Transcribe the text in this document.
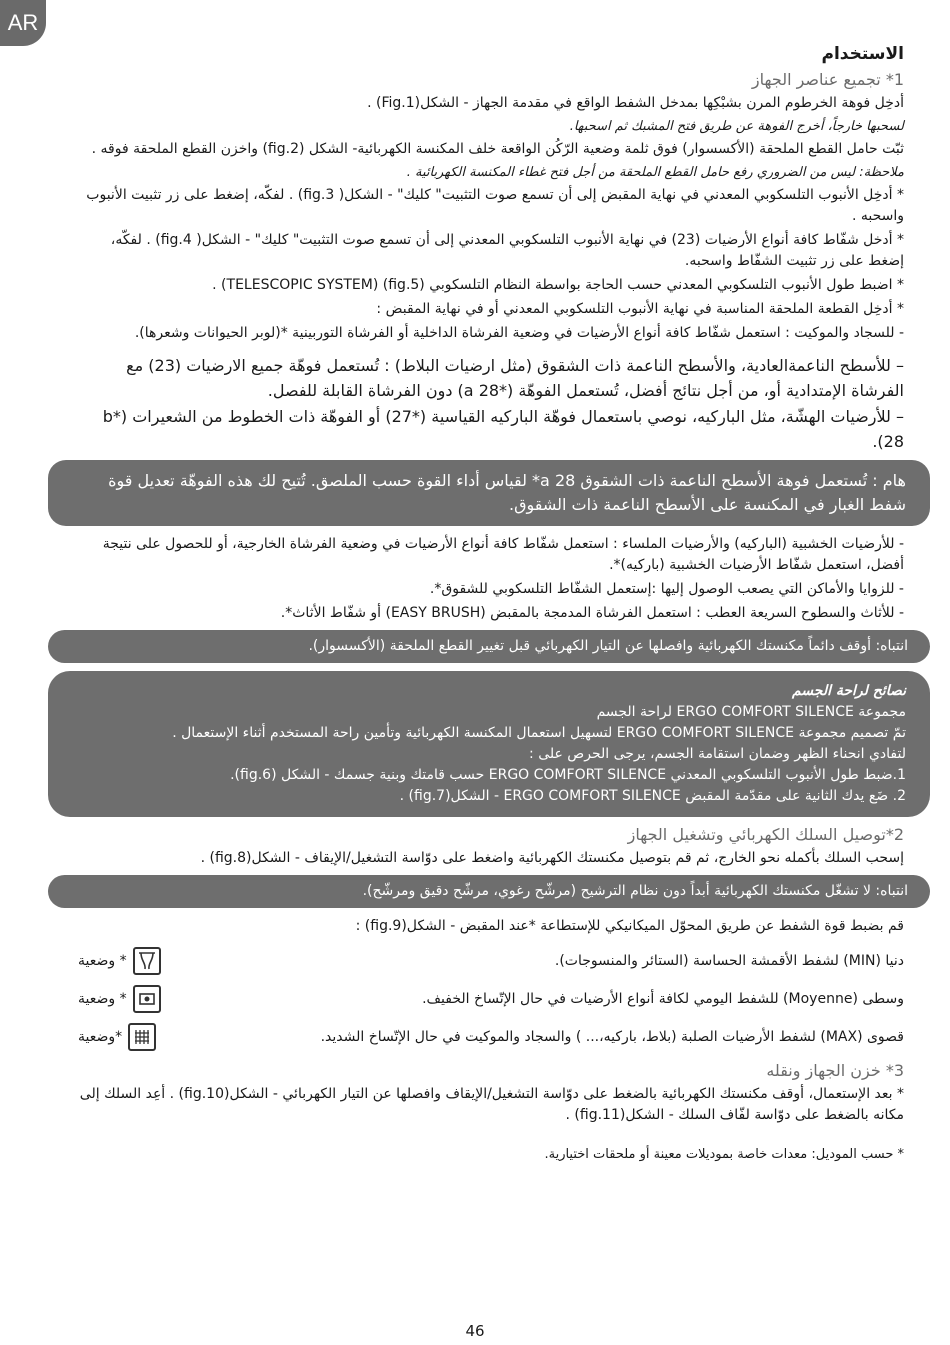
AR
الاستخدام
1* تجميع عناصر الجهاز

أدخِل فوهة الخرطوم المرن بشبْكِها بمدخل الشفط الواقع في مقدمة الجهاز - الشكل(Fig.1) .

لسحبها خارجاً، أخرج الفوهة عن طريق فتح المشبك ثم اسحبها.

ثبّت حامل القطع الملحقة (الأكسسوار) فوق ثلمة وضعية الرّكُن الواقعة خلف المكنسة الكهربائية- الشكل (fig.2) واخزن القطع الملحقة فوقه .

ملاحظة: ليس من الضروري رفع حامل القطع الملحقة من أجل فتح غطاء المكنسة الكهربائية .

* أدخِل الأنبوب التلسكوبي المعدني في نهاية المقبض إلى أن تسمع صوت التثبيت" كليك" - الشكل( fig.3) . لفكّه، إضغط على زر تثبيت الأنبوب واسحبه .

* أدخل شفّاط كافة أنواع الأرضيات (23) في نهاية الأنبوب التلسكوبي المعدني إلى أن تسمع صوت التثبيت" كليك" - الشكل( fig.4) . لفكّه، إضغط على زر تثبيت الشفّاط واسحبه.

* اضبط طول الأنبوب التلسكوبي المعدني حسب الحاجة بواسطة النظام التلسكوبي (fig.5) (TELESCOPIC SYSTEM) .

* أدخِل القطعة الملحقة المناسبة في نهاية الأنبوب التلسكوبي المعدني أو في نهاية المقبض :

- للسجاد والموكيت : استعمل شفّاط كافة أنواع الأرضيات في وضعية الفرشاة الداخلية أو الفرشاة التوربينية *(لوبر الحيوانات وشعرها).

– للأسطح الناعمةالعادية، والأسطح الناعمة ذات الشقوق (مثل ارضيات البلاط) : تُستعمل فوهّة جميع الارضيات (23) مع الفرشاة الإمتدادية أو، من أجل نتائج أفضل، تُستعمل الفوهّة (*a 28) دون الفرشاة القابلة للفصل.

– للأرضيات الهشّة، مثل الباركيه، نوصي باستعمال فوهّة الباركيه القياسية (*27) أو الفوهّة ذات الخطوط من الشعيرات (*b 28).

هام : تُستعمل فوهة الأسطح الناعمة ذات الشقوق a 28* لقياس أداء القوة حسب الملصق. تُتيح لك هذه الفوهّة تعديل قوة شفط الغبار في المكنسة على الأسطح الناعمة ذات الشقوق.

- للأرضيات الخشبية (الباركيه) والأرضيات الملساء : استعمل شفّاط كافة أنواع الأرضيات في وضعية الفرشاة الخارجية، أو للحصول على نتيجة أفضل، استعمل شفّاط الأرضيات الخشبية (باركيه)*.

- للزوايا والأماكن التي يصعب الوصول إليها :إستعمل الشفّاط التلسكوبي للشقوق*.

- للأثاث والسطوح السريعة العطب : استعمل الفرشاة المدمجة بالمقبض (EASY BRUSH) أو شفّاط الأثاث*.

انتباه: أوقف دائماً مكنستك الكهربائية وافصلها عن التيار الكهربائي قبل تغيير القطع الملحقة (الأكسسوار).
نصائح لراحة الجسم
مجموعة ERGO COMFORT SILENCE لراحة الجسم
تمّ تصميم مجموعة ERGO COMFORT SILENCE لتسهيل استعمال المكنسة الكهربائية وتأمين راحة المستخدم أثناء الإستعمال .
لتفادي انحناء الظهر وضمان استقامة الجسم، يرجى الحرص على :
1.ضبط طول الأنبوب التلسكوبي المعدني ERGO COMFORT SILENCE حسب قامتك وبنية جسمك - الشكل (fig.6).
2. ضَع يدك الثانية على مقدّمة المقبض ERGO COMFORT SILENCE - الشكل(fig.7) .
2*توصيل السلك الكهربائي وتشغيل الجهاز

إسحب السلك بأكمله نحو الخارج، ثم قم بتوصيل مكنستك الكهربائية واضغط على دوّاسة التشغيل/الإيقاف - الشكل(fig.8) .

انتباه: لا تشغّل مكنستك الكهربائية أبداً دون نظام الترشيح (مرشّح رغوي، مرشّح دقيق ومرشّح).

قم بضبط قوة الشفط عن طريق المحوّل الميكانيكي للإستطاعة *عند المقبض - الشكل(fig.9) :

دنيا (MIN) لشفط الأقمشة الحساسة (الستائر والمنسوجات).
* وضعية
وسطى (Moyenne) للشفط اليومي لكافة أنواع الأرضيات في حال الإتّساخ الخفيف.
* وضعية
قصوى (MAX) لشفط الأرضيات الصلبة (بلاط، باركيه،... ) والسجاد والموكيت في حال الإتّساخ الشديد.
*وضعية
3* خزن الجهاز ونقله

* بعد الإستعمال، أوقف مكنستك الكهربائية بالضغط على دوّاسة التشغيل/الإيقاف وافصلها عن التيار الكهربائي - الشكل(fig.10) . أعِد السلك إلى مكانه بالضغط على دوّاسة لفّاف السلك - الشكل(fig.11) .

* حسب الموديل: معدات خاصة بموديلات معينة أو ملحقات اختيارية.

46
